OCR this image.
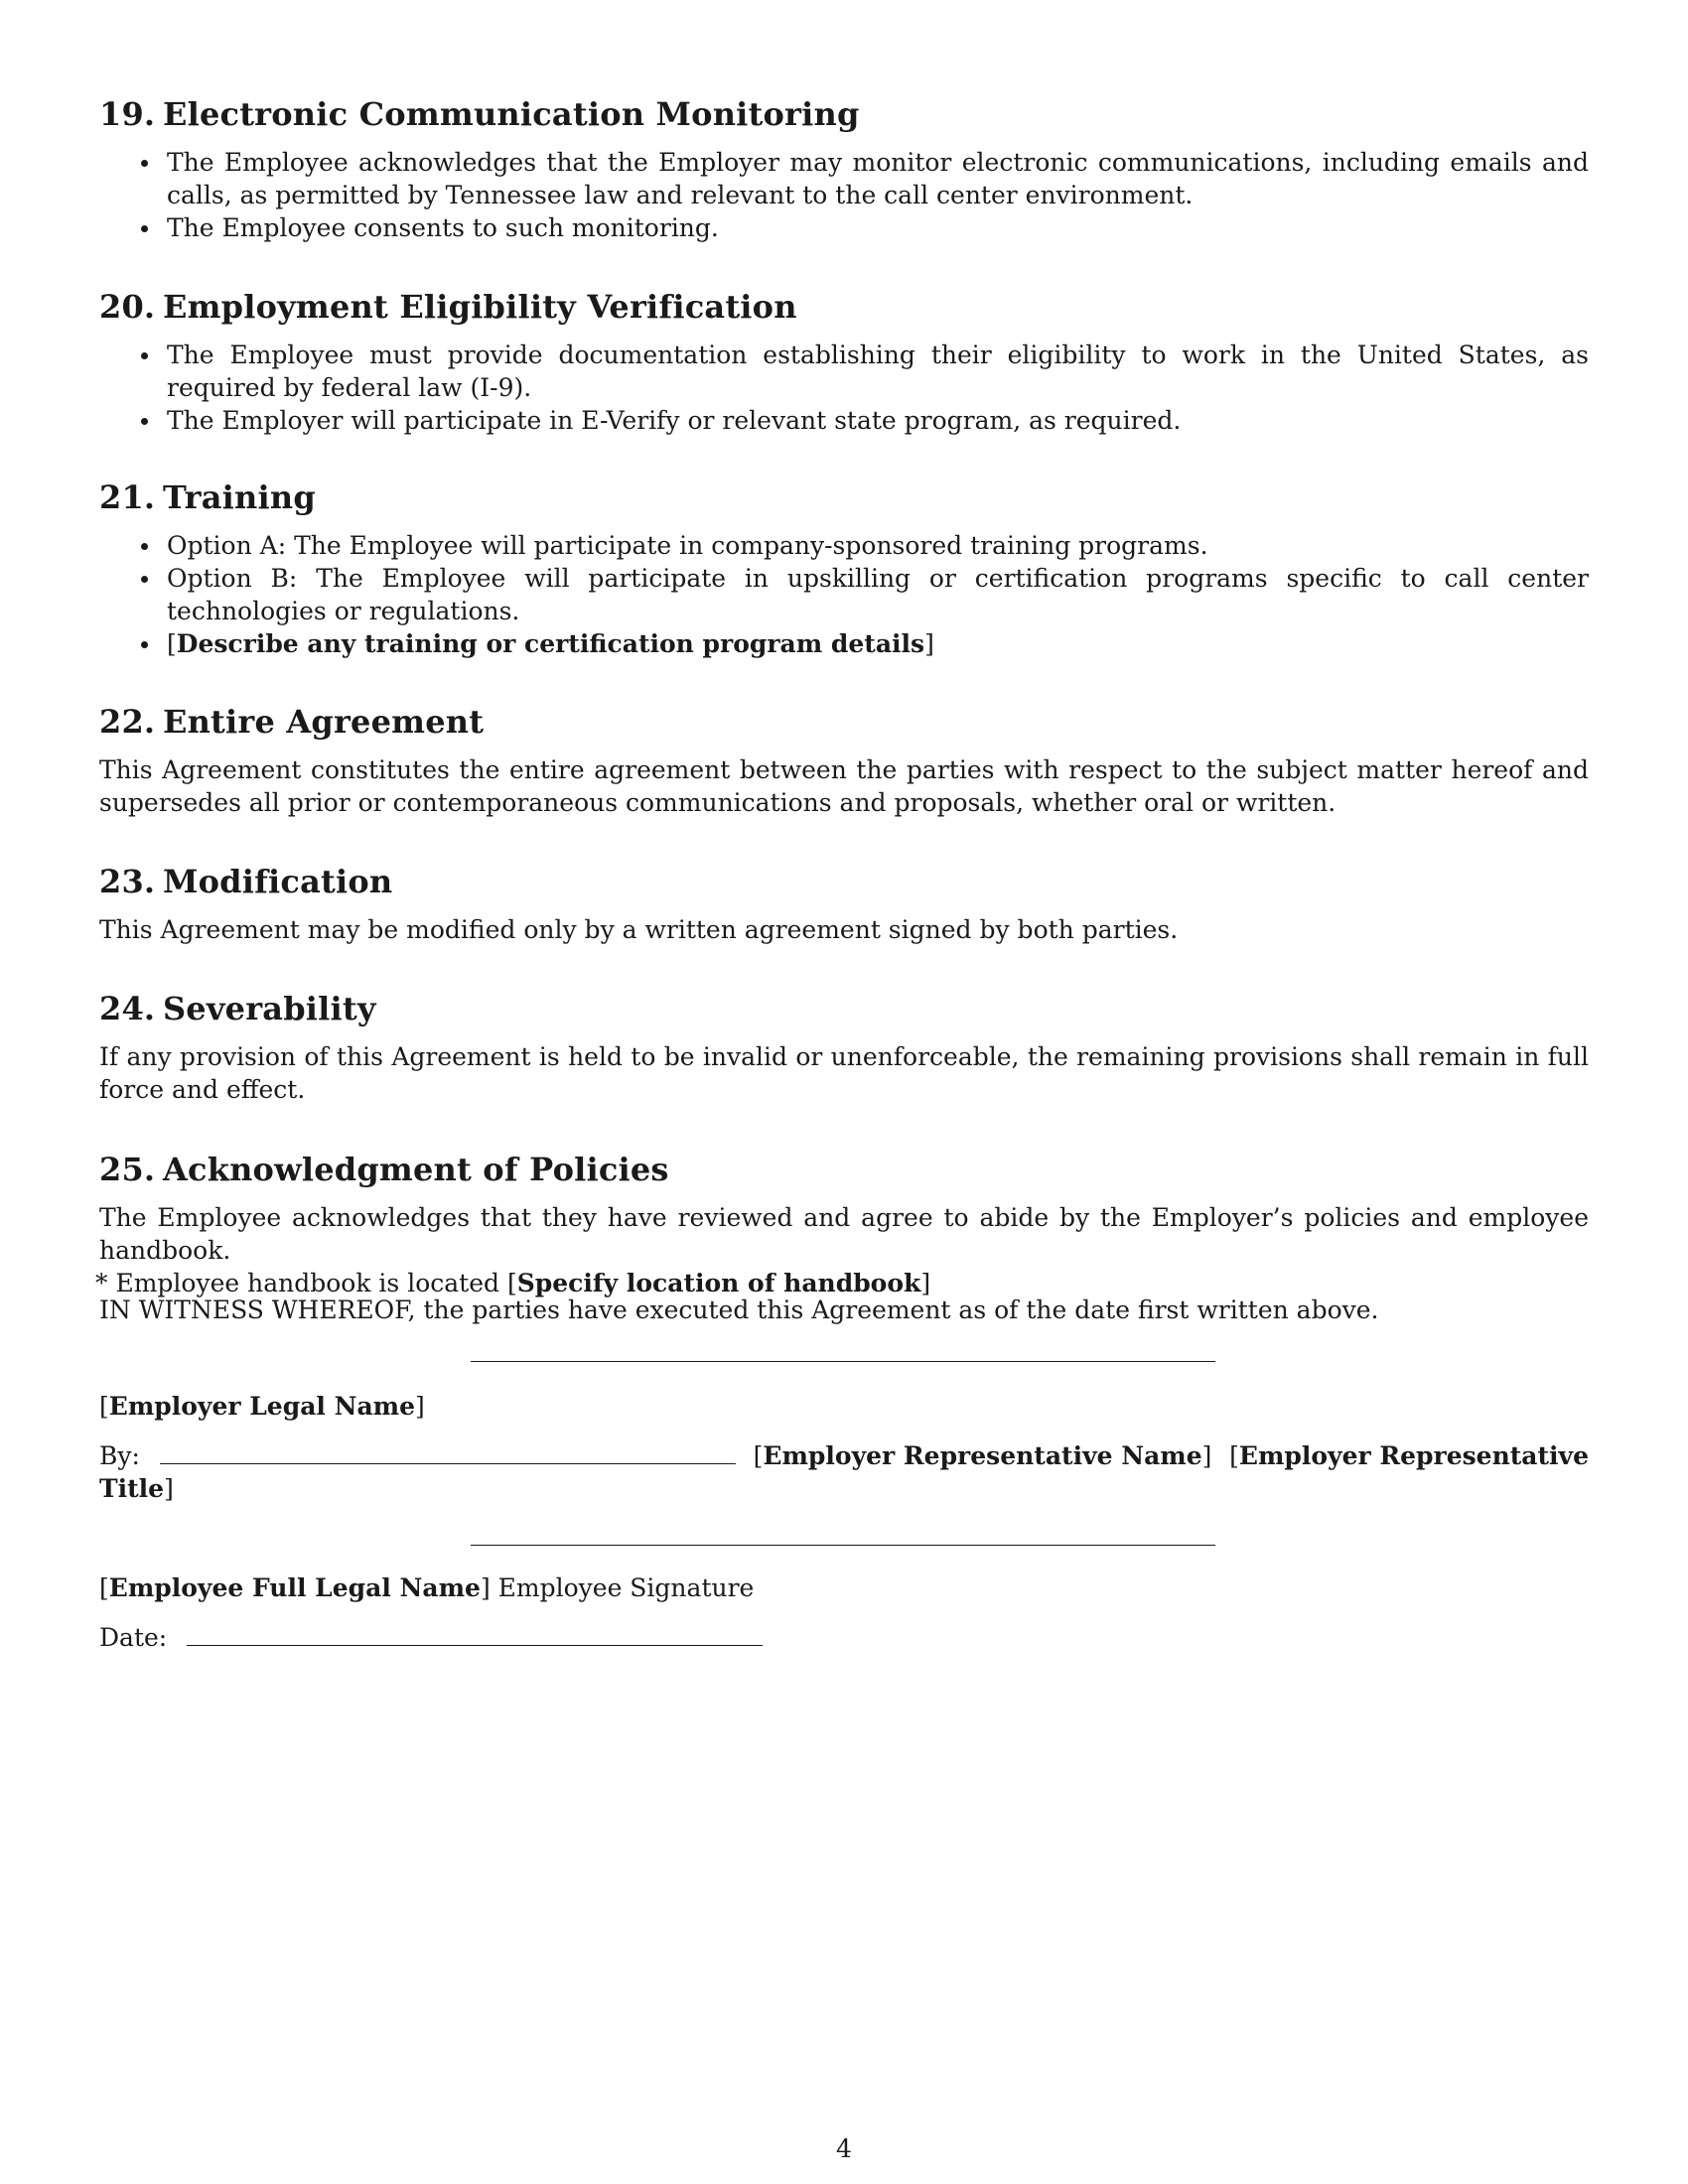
19. Electronic Communication Monitoring
The Employee acknowledges that the Employer may monitor electronic communications, including emails and calls, as permitted by Tennessee law and relevant to the call center environment.
The Employee consents to such monitoring.
20. Employment Eligibility Verification
The Employee must provide documentation establishing their eligibility to work in the United States, as required by federal law (I-9).
The Employer will participate in E-Verify or relevant state program, as required.
21. Training
Option A: The Employee will participate in company-sponsored training programs.
Option B: The Employee will participate in upskilling or certification programs specific to call center technologies or regulations.
[Describe any training or certification program details]
22. Entire Agreement

This Agreement constitutes the entire agreement between the parties with respect to the subject matter hereof and supersedes all prior or contemporaneous communications and proposals, whether oral or written.

23. Modification

This Agreement may be modified only by a written agreement signed by both parties.

24. Severability

If any provision of this Agreement is held to be invalid or unenforceable, the remaining provisions shall remain in full force and effect.

25. Acknowledgment of Policies

The Employee acknowledges that they have reviewed and agree to abide by the Employer’s policies and employee handbook.

* Employee handbook is located [Specify location of handbook]

IN WITNESS WHEREOF, the parties have executed this Agreement as of the date first written above.

[Employer Legal Name]

By:	[Employer Representative Name] [Employer Representative
Title]

[Employee Full Legal Name] Employee Signature

Date:
4
